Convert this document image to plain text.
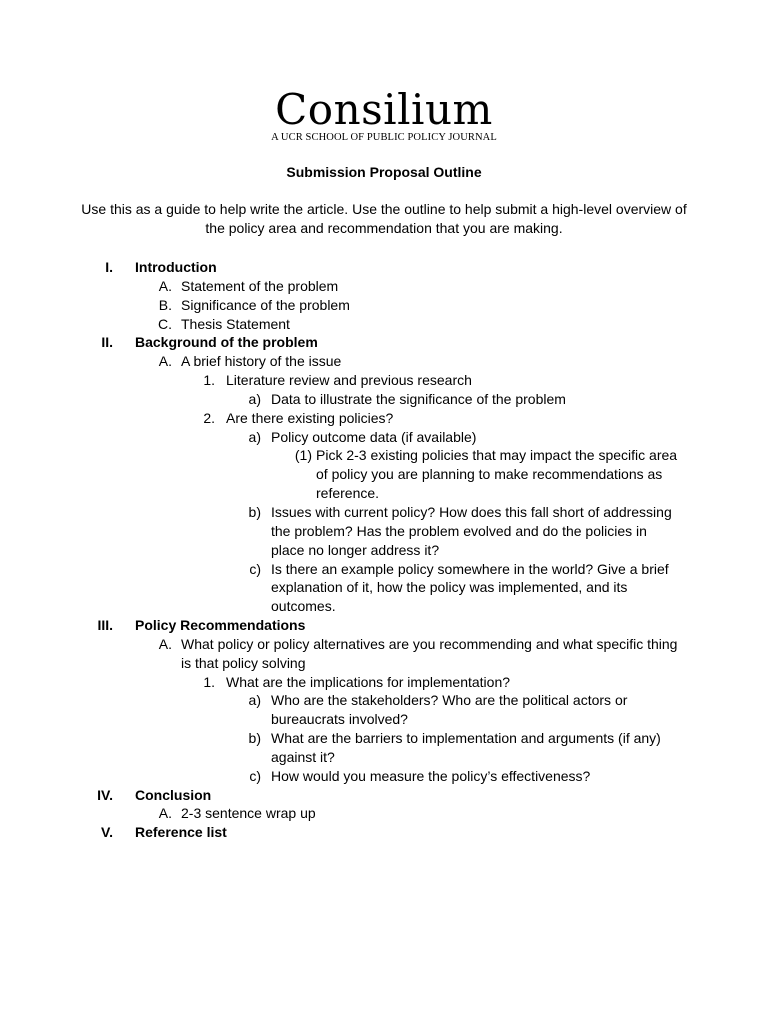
Consilium
A UCR SCHOOL OF PUBLIC POLICY JOURNAL
Submission Proposal Outline
Use this as a guide to help write the article. Use the outline to help submit a high-level overview of the policy area and recommendation that you are making.
I. Introduction
A. Statement of the problem
B. Significance of the problem
C. Thesis Statement
II. Background of the problem
A. A brief history of the issue
1. Literature review and previous research
a) Data to illustrate the significance of the problem
2. Are there existing policies?
a) Policy outcome data (if available)
(1) Pick 2-3 existing policies that may impact the specific area of policy you are planning to make recommendations as reference.
b) Issues with current policy? How does this fall short of addressing the problem? Has the problem evolved and do the policies in place no longer address it?
c) Is there an example policy somewhere in the world? Give a brief explanation of it, how the policy was implemented, and its outcomes.
III. Policy Recommendations
A. What policy or policy alternatives are you recommending and what specific thing is that policy solving
1. What are the implications for implementation?
a) Who are the stakeholders? Who are the political actors or bureaucrats involved?
b) What are the barriers to implementation and arguments (if any) against it?
c) How would you measure the policy’s effectiveness?
IV. Conclusion
A. 2-3 sentence wrap up
V. Reference list
